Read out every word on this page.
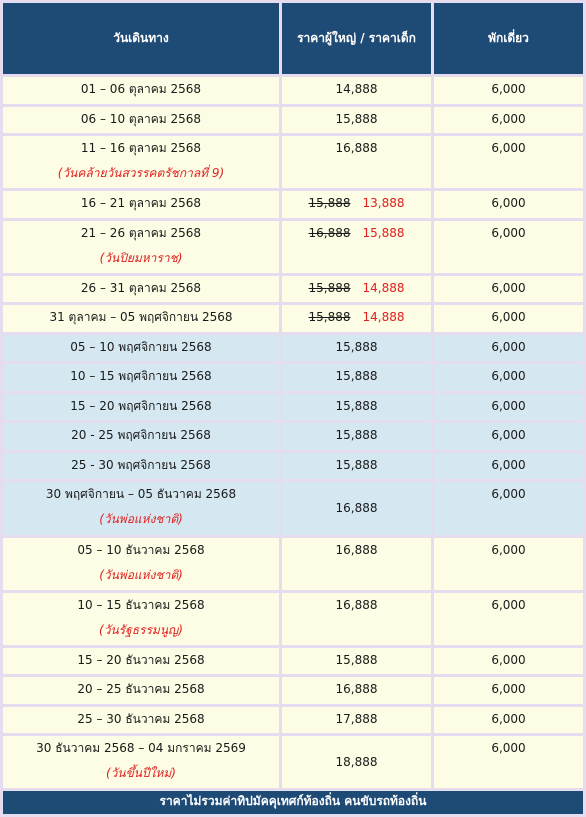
วันเดินทาง	ราคาผู้ใหญ่ / ราคาเด็ก	พักเดี่ยว
01 – 06 ตุลาคม 2568	14,888	6,000
06 – 10 ตุลาคม 2568	15,888	6,000
11 – 16 ตุลาคม 2568
(วันคล้ายวันสวรรคตรัชกาลที่ 9)	16,888	6,000
16 – 21 ตุลาคม 2568	15,888 13,888	6,000
21 – 26 ตุลาคม 2568
(วันปิยมหาราช)	16,888 15,888	6,000
26 – 31 ตุลาคม 2568	15,888 14,888	6,000
31 ตุลาคม – 05 พฤศจิกายน 2568	15,888 14,888	6,000
05 – 10 พฤศจิกายน 2568	15,888	6,000
10 – 15 พฤศจิกายน 2568	15,888	6,000
15 – 20 พฤศจิกายน 2568	15,888	6,000
20 - 25 พฤศจิกายน 2568	15,888	6,000
25 - 30 พฤศจิกายน 2568	15,888	6,000
30 พฤศจิกายน – 05 ธันวาคม 2568
(วันพ่อแห่งชาติ)	16,888	6,000
05 – 10 ธันวาคม 2568
(วันพ่อแห่งชาติ)	16,888	6,000
10 – 15 ธันวาคม 2568
(วันรัฐธรรมนูญ)	16,888	6,000
15 – 20 ธันวาคม 2568	15,888	6,000
20 – 25 ธันวาคม 2568	16,888	6,000
25 – 30 ธันวาคม 2568	17,888	6,000
30 ธันวาคม 2568 – 04 มกราคม 2569
(วันขึ้นปีใหม่)	18,888	6,000
ราคาไม่รวมค่าทิปมัคคุเทศก์ท้องถิ่น คนขับรถท้องถิ่น		
